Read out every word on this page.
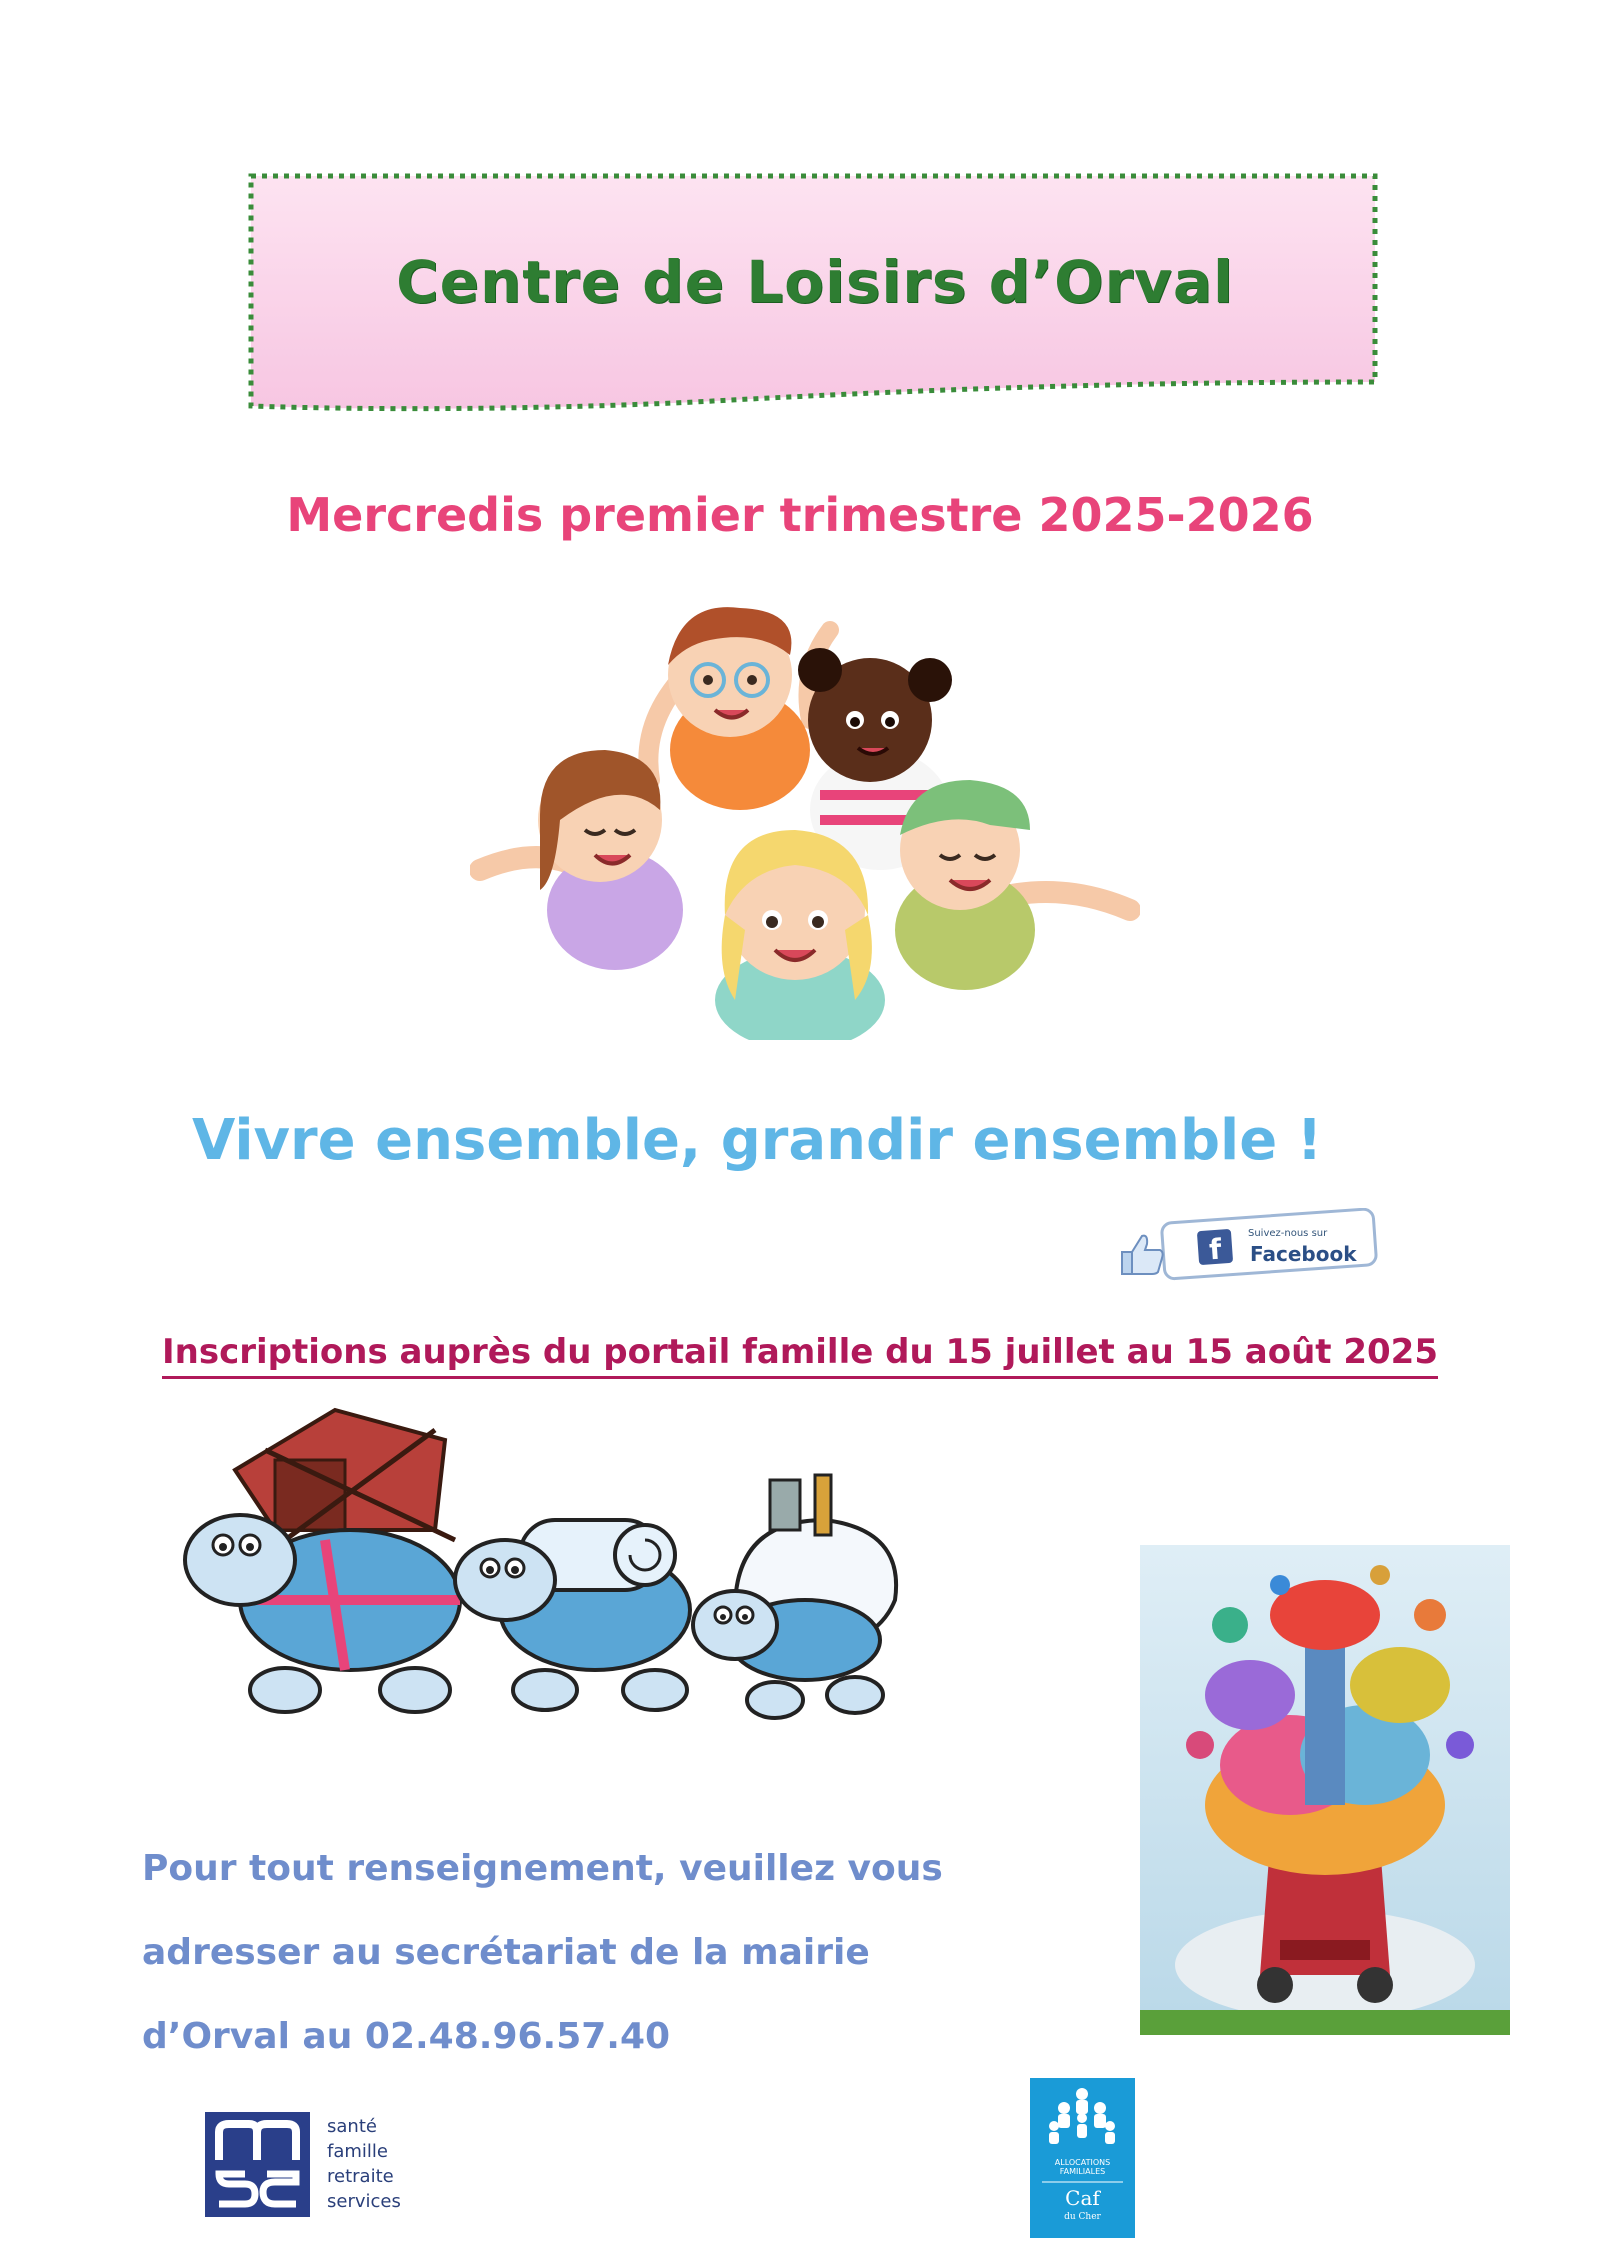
Centre de Loisirs d’Orval
Mercredis premier trimestre 2025-2026
Vivre ensemble, grandir ensemble !
f	Suivez-nous sur
Facebook
Inscriptions auprès du portail famille du 15 juillet au 15 août 2025
Pour tout renseignement, veuillez vous
adresser au secrétariat de la mairie
d’Orval au 02.48.96.57.40
santé
famille
retraite
services
ALLOCATIONS
FAMILIALES
Caf
du Cher
